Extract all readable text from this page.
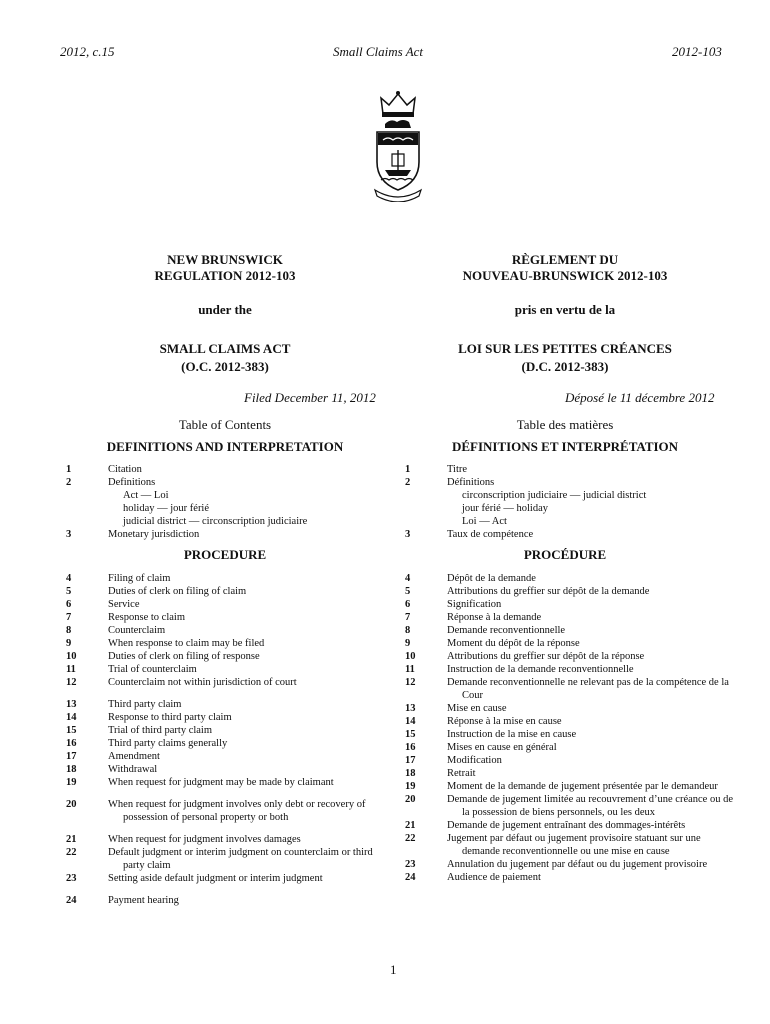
2012, c.15	Small Claims Act	2012-103
NEW BRUNSWICK
REGULATION 2012-103
RÈGLEMENT DU
NOUVEAU-BRUNSWICK 2012-103
under the	pris en vertu de la
SMALL CLAIMS ACT
(O.C. 2012-383)
LOI SUR LES PETITES CRÉANCES
(D.C. 2012-383)
Filed December 11, 2012	Déposé le 11 décembre 2012
Table of Contents	Table des matières
DEFINITIONS AND INTERPRETATION	DÉFINITIONS ET INTERPRÉTATION
1	Citation
2	Definitions
Act — Loi
holiday — jour férié
judicial district — circonscription judiciaire
3	Monetary jurisdiction
1	Titre
2	Définitions
circonscription judiciaire — judicial district
jour férié — holiday
Loi — Act
3	Taux de compétence
PROCEDURE	PROCÉDURE
4	Filing of claim
5	Duties of clerk on filing of claim
6	Service
7	Response to claim
8	Counterclaim
9	When response to claim may be filed
10	Duties of clerk on filing of response
11	Trial of counterclaim
12	Counterclaim not within jurisdiction of court
13	Third party claim
14	Response to third party claim
15	Trial of third party claim
16	Third party claims generally
17	Amendment
18	Withdrawal
19	When request for judgment may be made by claimant
20	When request for judgment involves only debt or recovery of possession of personal property or both
21	When request for judgment involves damages
22	Default judgment or interim judgment on counterclaim or third party claim
23	Setting aside default judgment or interim judgment
24	Payment hearing
4	Dépôt de la demande
5	Attributions du greffier sur dépôt de la demande
6	Signification
7	Réponse à la demande
8	Demande reconventionnelle
9	Moment du dépôt de la réponse
10	Attributions du greffier sur dépôt de la réponse
11	Instruction de la demande reconventionnelle
12	Demande reconventionnelle ne relevant pas de la compétence de la Cour
13	Mise en cause
14	Réponse à la mise en cause
15	Instruction de la mise en cause
16	Mises en cause en général
17	Modification
18	Retrait
19	Moment de la demande de jugement présentée par le demandeur
20	Demande de jugement limitée au recouvrement d’une créance ou de la possession de biens personnels, ou les deux
21	Demande de jugement entraînant des dommages-intérêts
22	Jugement par défaut ou jugement provisoire statuant sur une demande reconventionnelle ou une mise en cause
23	Annulation du jugement par défaut ou du jugement provisoire
24	Audience de paiement
1
